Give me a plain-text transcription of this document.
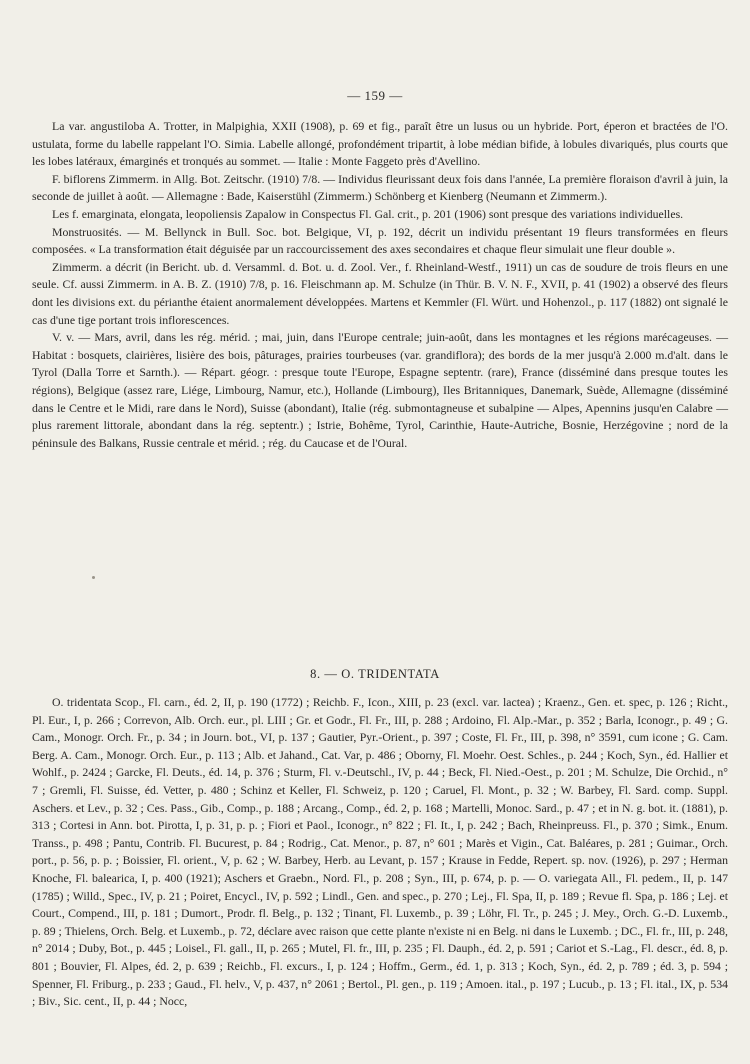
— 159 —

La var. angustiloba A. Trotter, in Malpighia, XXII (1908), p. 69 et fig., paraît être un lusus ou un hybride. Port, éperon et bractées de l'O. ustulata, forme du labelle rappelant l'O. Simia. Labelle allongé, profondément tripartit, à lobe médian bifide, à lobules divariqués, plus courts que les lobes latéraux, émarginés et tronqués au sommet. — Italie : Monte Faggeto près d'Avellino.

F. biflorens Zimmerm. in Allg. Bot. Zeitschr. (1910) 7/8. — Individus fleurissant deux fois dans l'année, La première floraison d'avril à juin, la seconde de juillet à août. — Allemagne : Bade, Kaiserstühl (Zimmerm.) Schönberg et Kienberg (Neumann et Zimmerm.).

Les f. emarginata, elongata, leopoliensis Zapalow in Conspectus Fl. Gal. crit., p. 201 (1906) sont presque des variations individuelles.

Monstruosités. — M. Bellynck in Bull. Soc. bot. Belgique, VI, p. 192, décrit un individu présentant 19 fleurs transformées en fleurs composées. « La transformation était déguisée par un raccourcissement des axes secondaires et chaque fleur simulait une fleur double ».

Zimmerm. a décrit (in Bericht. ub. d. Versamml. d. Bot. u. d. Zool. Ver., f. Rheinland-Westf., 1911) un cas de soudure de trois fleurs en une seule. Cf. aussi Zimmerm. in A. B. Z. (1910) 7/8, p. 16. Fleischmann ap. M. Schulze (in Thür. B. V. N. F., XVII, p. 41 (1902) a observé des fleurs dont les divisions ext. du périanthe étaient anormalement développées. Martens et Kemmler (Fl. Würt. und Hohenzol., p. 117 (1882) ont signalé le cas d'une tige portant trois inflorescences.

V. v. — Mars, avril, dans les rég. mérid. ; mai, juin, dans l'Europe centrale; juin-août, dans les montagnes et les régions marécageuses. — Habitat : bosquets, clairières, lisière des bois, pâturages, prairies tourbeuses (var. grandiflora); des bords de la mer jusqu'à 2.000 m.d'alt. dans le Tyrol (Dalla Torre et Sarnth.). — Répart. géogr. : presque toute l'Europe, Espagne septentr. (rare), France (disséminé dans presque toutes les régions), Belgique (assez rare, Liége, Limbourg, Namur, etc.), Hollande (Limbourg), Iles Britanniques, Danemark, Suède, Allemagne (disséminé dans le Centre et le Midi, rare dans le Nord), Suisse (abondant), Italie (rég. submontagneuse et subalpine — Alpes, Apennins jusqu'en Calabre — plus rarement littorale, abondant dans la rég. septentr.) ; Istrie, Bohême, Tyrol, Carinthie, Haute-Autriche, Bosnie, Herzégovine ; nord de la péninsule des Balkans, Russie centrale et mérid. ; rég. du Caucase et de l'Oural.

8. — O. TRIDENTATA

O. tridentata Scop., Fl. carn., éd. 2, II, p. 190 (1772) ; Reichb. F., Icon., XIII, p. 23 (excl. var. lactea) ; Kraenz., Gen. et. spec, p. 126 ; Richt., Pl. Eur., I, p. 266 ; Correvon, Alb. Orch. eur., pl. LIII ; Gr. et Godr., Fl. Fr., III, p. 288 ; Ardoino, Fl. Alp.-Mar., p. 352 ; Barla, Iconogr., p. 49 ; G. Cam., Monogr. Orch. Fr., p. 34 ; in Journ. bot., VI, p. 137 ; Gautier, Pyr.-Orient., p. 397 ; Coste, Fl. Fr., III, p. 398, n° 3591, cum icone ; G. Cam. Berg. A. Cam., Monogr. Orch. Eur., p. 113 ; Alb. et Jahand., Cat. Var, p. 486 ; Oborny, Fl. Moehr. Oest. Schles., p. 244 ; Koch, Syn., éd. Hallier et Wohlf., p. 2424 ; Garcke, Fl. Deuts., éd. 14, p. 376 ; Sturm, Fl. v.-Deutschl., IV, p. 44 ; Beck, Fl. Nied.-Oest., p. 201 ; M. Schulze, Die Orchid., n° 7 ; Gremli, Fl. Suisse, éd. Vetter, p. 480 ; Schinz et Keller, Fl. Schweiz, p. 120 ; Caruel, Fl. Mont., p. 32 ; W. Barbey, Fl. Sard. comp. Suppl. Aschers. et Lev., p. 32 ; Ces. Pass., Gib., Comp., p. 188 ; Arcang., Comp., éd. 2, p. 168 ; Martelli, Monoc. Sard., p. 47 ; et in N. g. bot. it. (1881), p. 313 ; Cortesi in Ann. bot. Pirotta, I, p. 31, p. p. ; Fiori et Paol., Iconogr., n° 822 ; Fl. It., I, p. 242 ; Bach, Rheinpreuss. Fl., p. 370 ; Simk., Enum. Transs., p. 498 ; Pantu, Contrib. Fl. Bucurest, p. 84 ; Rodrig., Cat. Menor., p. 87, n° 601 ; Marès et Vigin., Cat. Baléares, p. 281 ; Guimar., Orch. port., p. 56, p. p. ; Boissier, Fl. orient., V, p. 62 ; W. Barbey, Herb. au Levant, p. 157 ; Krause in Fedde, Repert. sp. nov. (1926), p. 297 ; Herman Knoche, Fl. balearica, I, p. 400 (1921); Aschers et Graebn., Nord. Fl., p. 208 ; Syn., III, p. 674, p. p. — O. variegata All., Fl. pedem., II, p. 147 (1785) ; Willd., Spec., IV, p. 21 ; Poiret, Encycl., IV, p. 592 ; Lindl., Gen. and spec., p. 270 ; Lej., Fl. Spa, II, p. 189 ; Revue fl. Spa, p. 186 ; Lej. et Court., Compend., III, p. 181 ; Dumort., Prodr. fl. Belg., p. 132 ; Tinant, Fl. Luxemb., p. 39 ; Löhr, Fl. Tr., p. 245 ; J. Mey., Orch. G.-D. Luxemb., p. 89 ; Thielens, Orch. Belg. et Luxemb., p. 72, déclare avec raison que cette plante n'existe ni en Belg. ni dans le Luxemb. ; DC., Fl. fr., III, p. 248, n° 2014 ; Duby, Bot., p. 445 ; Loisel., Fl. gall., II, p. 265 ; Mutel, Fl. fr., III, p. 235 ; Fl. Dauph., éd. 2, p. 591 ; Cariot et S.-Lag., Fl. descr., éd. 8, p. 801 ; Bouvier, Fl. Alpes, éd. 2, p. 639 ; Reichb., Fl. excurs., I, p. 124 ; Hoffm., Germ., éd. 1, p. 313 ; Koch, Syn., éd. 2, p. 789 ; éd. 3, p. 594 ; Spenner, Fl. Friburg., p. 233 ; Gaud., Fl. helv., V, p. 437, n° 2061 ; Bertol., Pl. gen., p. 119 ; Amoen. ital., p. 197 ; Lucub., p. 13 ; Fl. ital., IX, p. 534 ; Biv., Sic. cent., II, p. 44 ; Nocc,
